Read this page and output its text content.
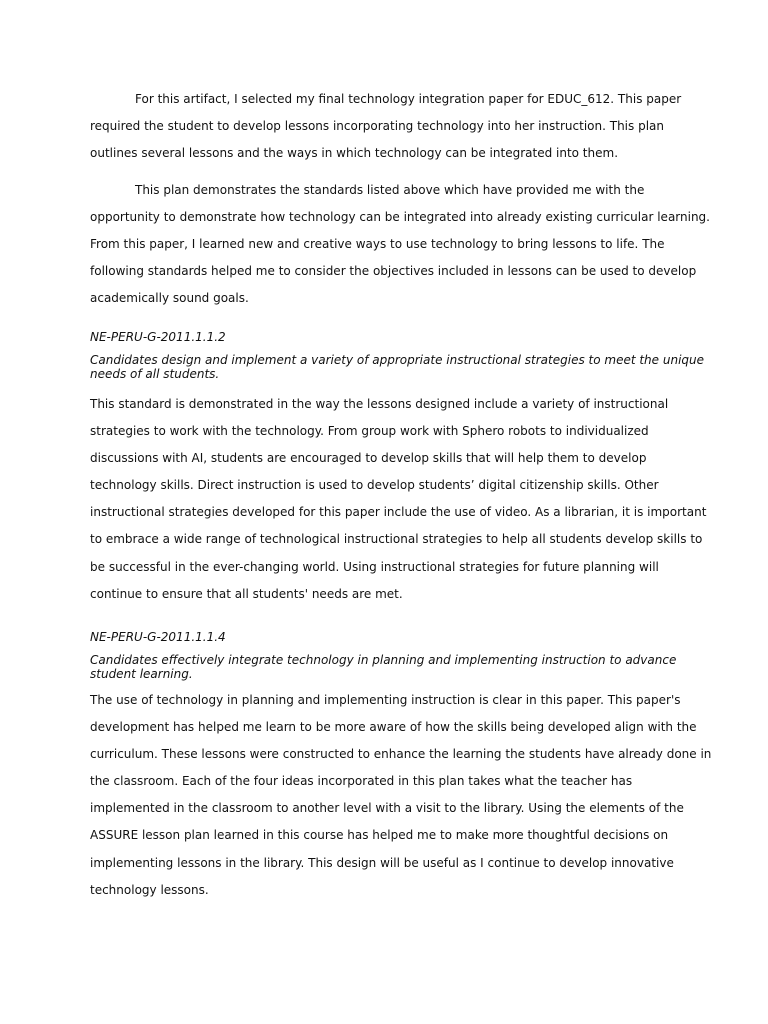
For this artifact, I selected my final technology integration paper for EDUC_612. This paper
required the student to develop lessons incorporating technology into her instruction. This plan
outlines several lessons and the ways in which technology can be integrated into them.

This plan demonstrates the standards listed above which have provided me with the
opportunity to demonstrate how technology can be integrated into already existing curricular learning.
From this paper, I learned new and creative ways to use technology to bring lessons to life. The
following standards helped me to consider the objectives included in lessons can be used to develop
academically sound goals.

NE-PERU-G-2011.1.1.2

Candidates design and implement a variety of appropriate instructional strategies to meet the unique
needs of all students.

This standard is demonstrated in the way the lessons designed include a variety of instructional
strategies to work with the technology. From group work with Sphero robots to individualized
discussions with AI, students are encouraged to develop skills that will help them to develop
technology skills. Direct instruction is used to develop students’ digital citizenship skills. Other
instructional strategies developed for this paper include the use of video. As a librarian, it is important
to embrace a wide range of technological instructional strategies to help all students develop skills to
be successful in the ever-changing world. Using instructional strategies for future planning will
continue to ensure that all students' needs are met.

NE-PERU-G-2011.1.1.4

Candidates effectively integrate technology in planning and implementing instruction to advance
student learning.

The use of technology in planning and implementing instruction is clear in this paper. This paper's
development has helped me learn to be more aware of how the skills being developed align with the
curriculum. These lessons were constructed to enhance the learning the students have already done in
the classroom. Each of the four ideas incorporated in this plan takes what the teacher has
implemented in the classroom to another level with a visit to the library. Using the elements of the
ASSURE lesson plan learned in this course has helped me to make more thoughtful decisions on
implementing lessons in the library. This design will be useful as I continue to develop innovative
technology lessons.
